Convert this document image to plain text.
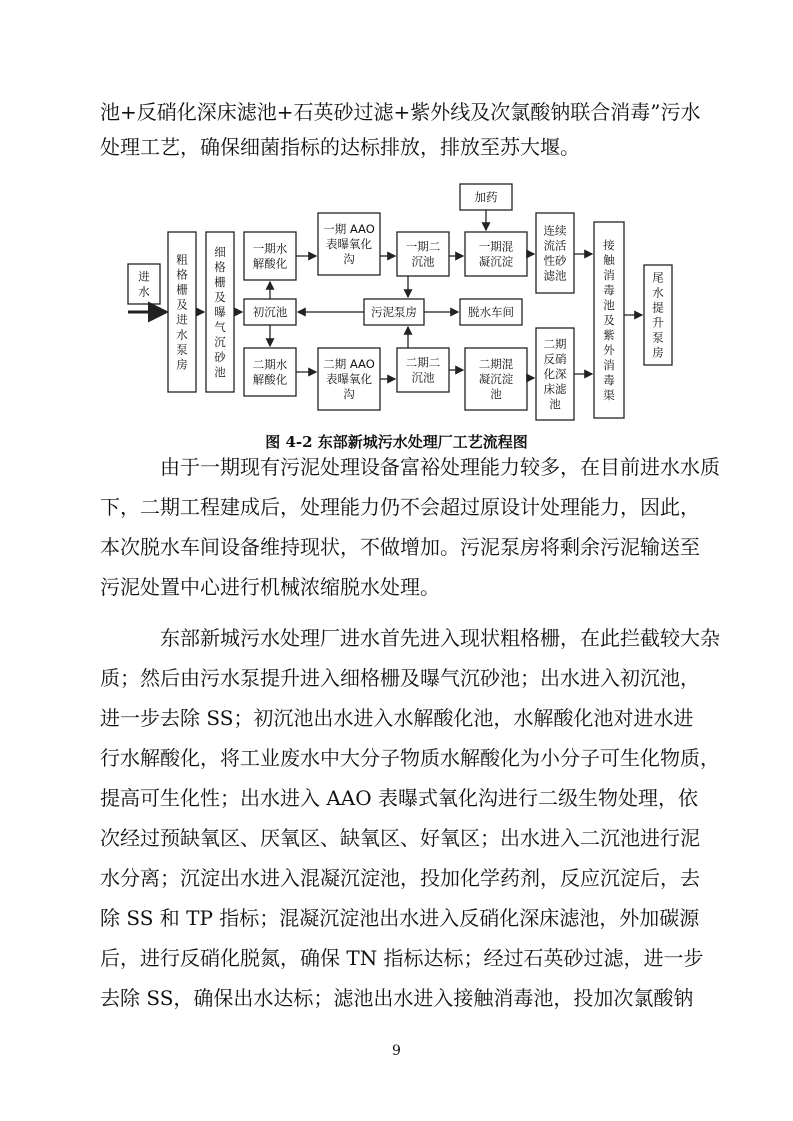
池+反硝化深床滤池+石英砂过滤+紫外线及次氯酸钠联合消毒”污水

处理工艺，确保细菌指标的达标排放，排放至苏大堰。

进
水
粗
格
栅
及
进
水
泵
房
细
格
栅
及
曝
气
沉
砂
池
一期水
解酸化
初沉池
二期水
解酸化
一期 AAO
表曝氧化
沟
二期 AAO
表曝氧化
沟
一期二
沉池
二期二
沉池
污泥泵房
加药
一期混
凝沉淀
二期混
凝沉淀
池
脱水车间
连续
流活
性砂
滤池
二期
反硝
化深
床滤
池
接
触
消
毒
池
及
紫
外
消
毒
渠
尾
水
提
升
泵
房
图 4-2 东部新城污水处理厂工艺流程图

由于一期现有污泥处理设备富裕处理能力较多，在目前进水水质

下，二期工程建成后，处理能力仍不会超过原设计处理能力，因此，

本次脱水车间设备维持现状，不做增加。污泥泵房将剩余污泥输送至

污泥处置中心进行机械浓缩脱水处理。

东部新城污水处理厂进水首先进入现状粗格栅，在此拦截较大杂

质；然后由污水泵提升进入细格栅及曝气沉砂池；出水进入初沉池，

进一步去除 SS；初沉池出水进入水解酸化池，水解酸化池对进水进

行水解酸化，将工业废水中大分子物质水解酸化为小分子可生化物质，

提高可生化性；出水进入 AAO 表曝式氧化沟进行二级生物处理，依

次经过预缺氧区、厌氧区、缺氧区、好氧区；出水进入二沉池进行泥

水分离；沉淀出水进入混凝沉淀池，投加化学药剂，反应沉淀后，去

除 SS 和 TP 指标；混凝沉淀池出水进入反硝化深床滤池，外加碳源

后，进行反硝化脱氮，确保 TN 指标达标；经过石英砂过滤，进一步

去除 SS，确保出水达标；滤池出水进入接触消毒池，投加次氯酸钠

9
